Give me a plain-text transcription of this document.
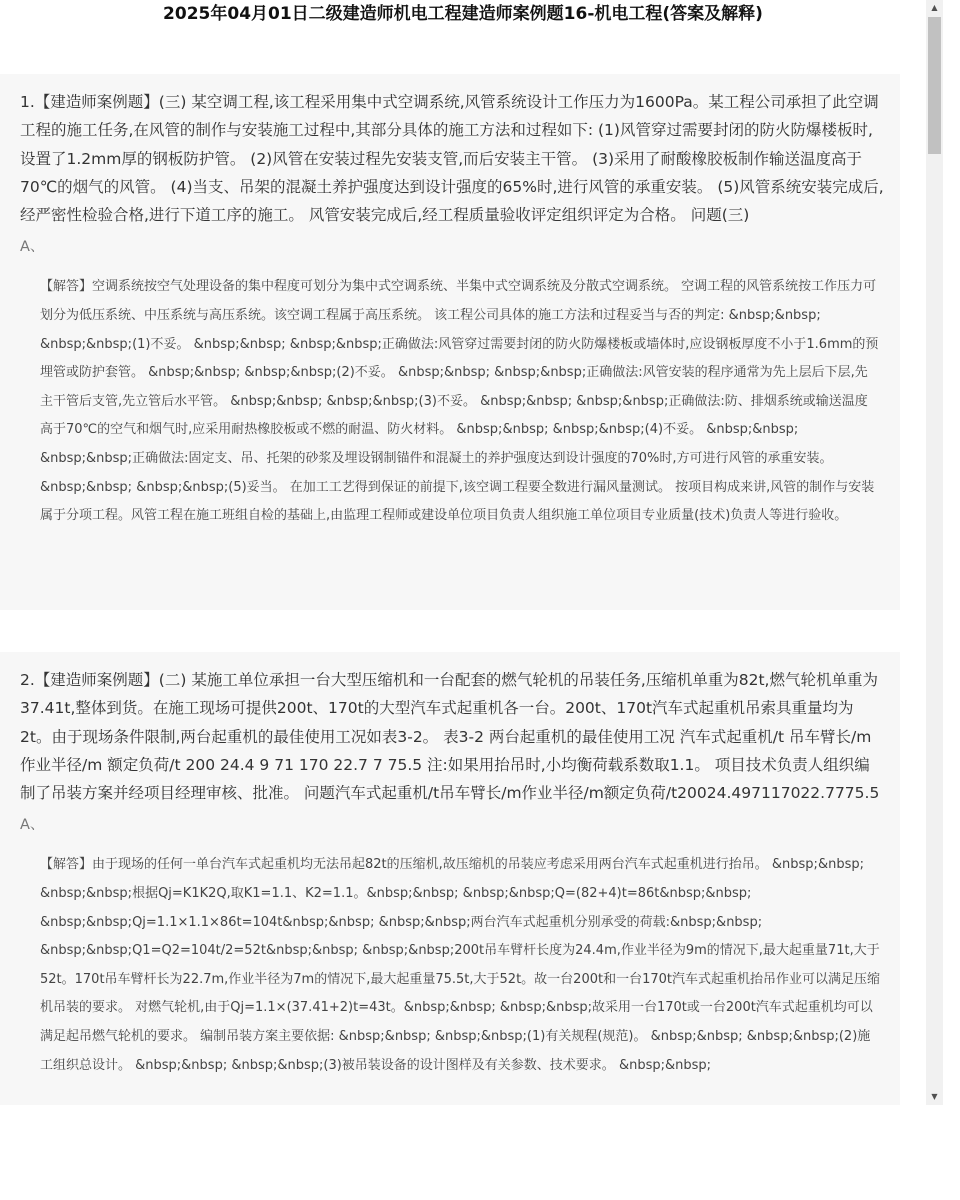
2025年04月01日二级建造师机电工程建造师案例题16-机电工程(答案及解释)

1.【建造师案例题】(三) 某空调工程,该工程采用集中式空调系统,风管系统设计工作压力为1600Pa。某工程公司承担了此空调工程的施工任务,在风管的制作与安装施工过程中,其部分具体的施工方法和过程如下: (1)风管穿过需要封闭的防火防爆楼板时,设置了1.2mm厚的钢板防护管。 (2)风管在安装过程先安装支管,而后安装主干管。 (3)采用了耐酸橡胶板制作输送温度高于70℃的烟气的风管。 (4)当支、吊架的混凝土养护强度达到设计强度的65%时,进行风管的承重安装。 (5)风管系统安装完成后,经严密性检验合格,进行下道工序的施工。 风管安装完成后,经工程质量验收评定组织评定为合格。 问题(三)

A、

【解答】空调系统按空气处理设备的集中程度可划分为集中式空调系统、半集中式空调系统及分散式空调系统。 空调工程的风管系统按工作压力可划分为低压系统、中压系统与高压系统。该空调工程属于高压系统。 该工程公司具体的施工方法和过程妥当与否的判定: &nbsp;&nbsp; &nbsp;&nbsp;(1)不妥。 &nbsp;&nbsp; &nbsp;&nbsp;正确做法:风管穿过需要封闭的防火防爆楼板或墙体时,应设钢板厚度不小于1.6mm的预埋管或防护套管。 &nbsp;&nbsp; &nbsp;&nbsp;(2)不妥。 &nbsp;&nbsp; &nbsp;&nbsp;正确做法:风管安装的程序通常为先上层后下层,先主干管后支管,先立管后水平管。 &nbsp;&nbsp; &nbsp;&nbsp;(3)不妥。 &nbsp;&nbsp; &nbsp;&nbsp;正确做法:防、排烟系统或输送温度高于70℃的空气和烟气时,应采用耐热橡胶板或不燃的耐温、防火材料。 &nbsp;&nbsp; &nbsp;&nbsp;(4)不妥。 &nbsp;&nbsp; &nbsp;&nbsp;正确做法:固定支、吊、托架的砂浆及埋设钢制锚件和混凝土的养护强度达到设计强度的70%时,方可进行风管的承重安装。 &nbsp;&nbsp; &nbsp;&nbsp;(5)妥当。 在加工工艺得到保证的前提下,该空调工程要全数进行漏风量测试。 按项目构成来讲,风管的制作与安装属于分项工程。风管工程在施工班组自检的基础上,由监理工程师或建设单位项目负责人组织施工单位项目专业质量(技术)负责人等进行验收。

2.【建造师案例题】(二) 某施工单位承担一台大型压缩机和一台配套的燃气轮机的吊装任务,压缩机单重为82t,燃气轮机单重为37.41t,整体到货。在施工现场可提供200t、170t的大型汽车式起重机各一台。200t、170t汽车式起重机吊索具重量均为2t。由于现场条件限制,两台起重机的最佳使用工况如表3-2。 表3-2 两台起重机的最佳使用工况 汽车式起重机/t 吊车臂长/m 作业半径/m 额定负荷/t 200 24.4 9 71 170 22.7 7 75.5 注:如果用抬吊时,小均衡荷载系数取1.1。 项目技术负责人组织编制了吊装方案并经项目经理审核、批准。 问题汽车式起重机/t吊车臂长/m作业半径/m额定负荷/t20024.497117022.7775.5

A、

【解答】由于现场的任何一单台汽车式起重机均无法吊起82t的压缩机,故压缩机的吊装应考虑采用两台汽车式起重机进行抬吊。 &nbsp;&nbsp; &nbsp;&nbsp;根据Qj=K1K2Q,取K1=1.1、K2=1.1。&nbsp;&nbsp; &nbsp;&nbsp;Q=(82+4)t=86t&nbsp;&nbsp; &nbsp;&nbsp;Qj=1.1×1.1×86t=104t&nbsp;&nbsp; &nbsp;&nbsp;两台汽车式起重机分别承受的荷载:&nbsp;&nbsp; &nbsp;&nbsp;Q1=Q2=104t/2=52t&nbsp;&nbsp; &nbsp;&nbsp;200t吊车臂杆长度为24.4m,作业半径为9m的情况下,最大起重量71t,大于52t。170t吊车臂杆长为22.7m,作业半径为7m的情况下,最大起重量75.5t,大于52t。故一台200t和一台170t汽车式起重机抬吊作业可以满足压缩机吊装的要求。 对燃气轮机,由于Qj=1.1×(37.41+2)t=43t。&nbsp;&nbsp; &nbsp;&nbsp;故采用一台170t或一台200t汽车式起重机均可以满足起吊燃气轮机的要求。 编制吊装方案主要依据: &nbsp;&nbsp; &nbsp;&nbsp;(1)有关规程(规范)。 &nbsp;&nbsp; &nbsp;&nbsp;(2)施工组织总设计。 &nbsp;&nbsp; &nbsp;&nbsp;(3)被吊装设备的设计图样及有关参数、技术要求。 &nbsp;&nbsp;

▲
▼
